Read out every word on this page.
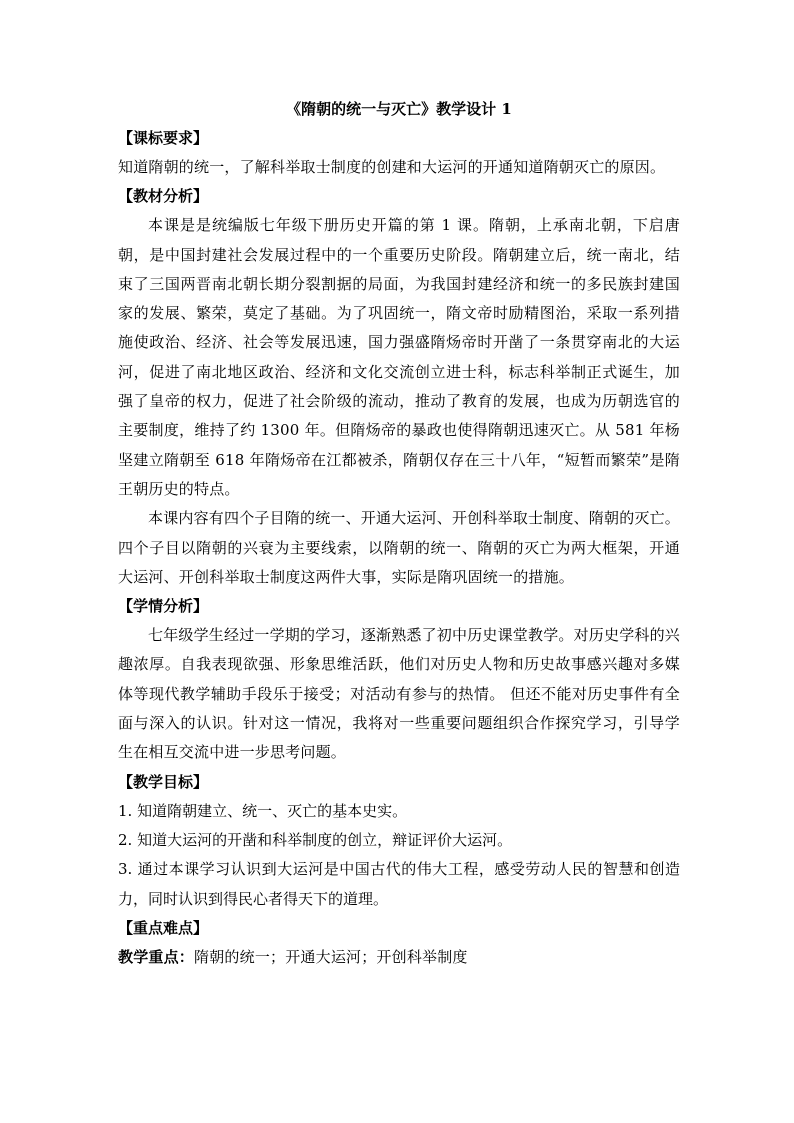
《隋朝的统一与灭亡》教学设计 1

【课标要求】

知道隋朝的统一，了解科举取士制度的创建和大运河的开通知道隋朝灭亡的原因。

【教材分析】

本课是是统编版七年级下册历史开篇的第 1 课。隋朝，上承南北朝，下启唐朝，是中国封建社会发展过程中的一个重要历史阶段。隋朝建立后，统一南北，结束了三国两晋南北朝长期分裂割据的局面，为我国封建经济和统一的多民族封建国家的发展、繁荣，莫定了基础。为了巩固统一，隋文帝时励精图治，采取一系列措施使政治、经济、社会等发展迅速，国力强盛隋炀帝时开凿了一条贯穿南北的大运河，促进了南北地区政治、经济和文化交流创立进士科，标志科举制正式诞生，加强了皇帝的权力，促进了社会阶级的流动，推动了教育的发展，也成为历朝选官的主要制度，维持了约 1300 年。但隋炀帝的暴政也使得隋朝迅速灭亡。从 581 年杨坚建立隋朝至 618 年隋炀帝在江都被杀，隋朝仅存在三十八年，“短暂而繁荣”是隋王朝历史的特点。

本课内容有四个子目隋的统一、开通大运河、开创科举取士制度、隋朝的灭亡。四个子目以隋朝的兴衰为主要线索，以隋朝的统一、隋朝的灭亡为两大框架，开通大运河、开创科举取士制度这两件大事，实际是隋巩固统一的措施。

【学情分析】

七年级学生经过一学期的学习，逐渐熟悉了初中历史课堂教学。对历史学科的兴趣浓厚。自我表现欲强、形象思维活跃，他们对历史人物和历史故事感兴趣对多媒体等现代教学辅助手段乐于接受；对活动有参与的热情。 但还不能对历史事件有全面与深入的认识。针对这一情况，我将对一些重要问题组织合作探究学习，引导学生在相互交流中进一步思考问题。

【教学目标】

1. 知道隋朝建立、统一、灭亡的基本史实。

2. 知道大运河的开凿和科举制度的创立，辩证评价大运河。

3. 通过本课学习认识到大运河是中国古代的伟大工程，感受劳动人民的智慧和创造力，同时认识到得民心者得天下的道理。

【重点难点】

教学重点：隋朝的统一；开通大运河；开创科举制度
